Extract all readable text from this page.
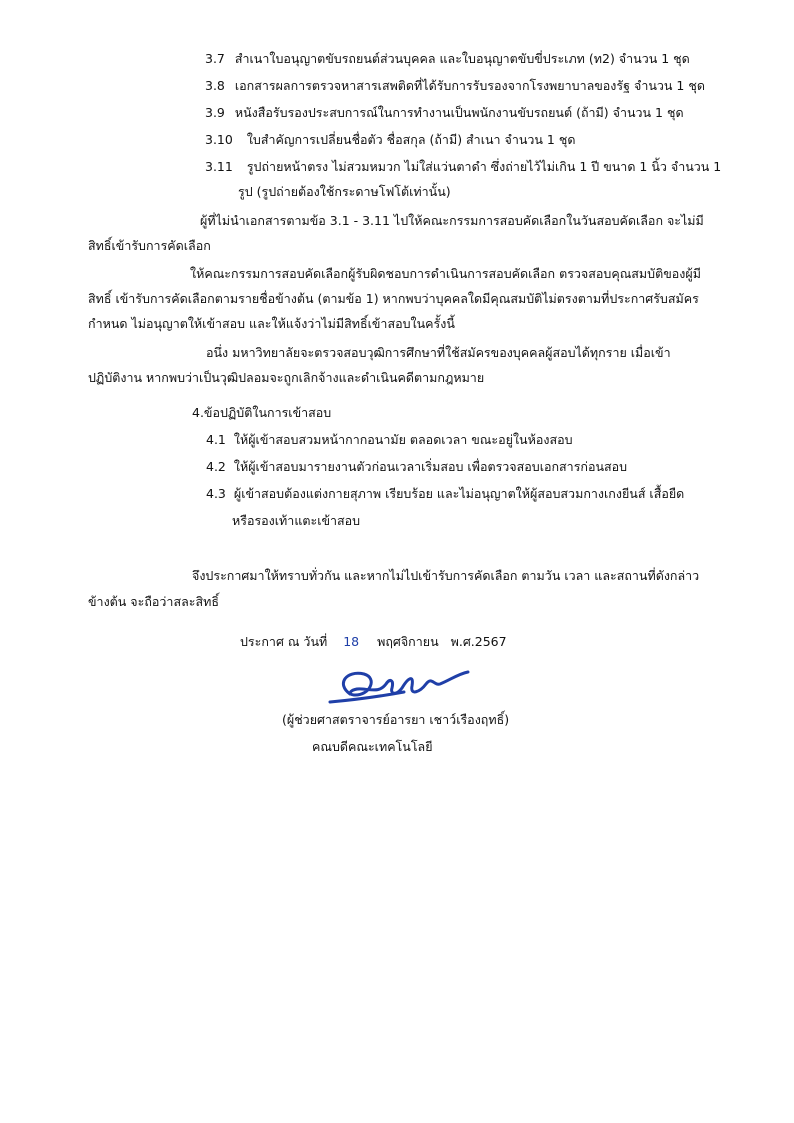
3.7 สำเนาใบอนุญาตขับรถยนต์ส่วนบุคคล และใบอนุญาตขับขี่ประเภท (ท2) จำนวน 1 ชุด
3.8 เอกสารผลการตรวจหาสารเสพติดที่ได้รับการรับรองจากโรงพยาบาลของรัฐ จำนวน 1 ชุด
3.9 หนังสือรับรองประสบการณ์ในการทำงานเป็นพนักงานขับรถยนต์ (ถ้ามี) จำนวน 1 ชุด
3.10 ใบสำคัญการเปลี่ยนชื่อตัว ชื่อสกุล (ถ้ามี) สำเนา จำนวน 1 ชุด
3.11 รูปถ่ายหน้าตรง ไม่สวมหมวก ไม่ใส่แว่นตาดำ ซึ่งถ่ายไว้ไม่เกิน 1 ปี ขนาด 1 นิ้ว จำนวน 1
รูป (รูปถ่ายต้องใช้กระดาษโฟโต้เท่านั้น)
ผู้ที่ไม่นำเอกสารตามข้อ 3.1 - 3.11 ไปให้คณะกรรมการสอบคัดเลือกในวันสอบคัดเลือก จะไม่มี
สิทธิ์เข้ารับการคัดเลือก
ให้คณะกรรมการสอบคัดเลือกผู้รับผิดชอบการดำเนินการสอบคัดเลือก ตรวจสอบคุณสมบัติของผู้มี
สิทธิ์ เข้ารับการคัดเลือกตามรายชื่อข้างต้น (ตามข้อ 1) หากพบว่าบุคคลใดมีคุณสมบัติไม่ตรงตามที่ประกาศรับสมัคร
กำหนด ไม่อนุญาตให้เข้าสอบ และให้แจ้งว่าไม่มีสิทธิ์เข้าสอบในครั้งนี้
อนึ่ง มหาวิทยาลัยจะตรวจสอบวุฒิการศึกษาที่ใช้สมัครของบุคคลผู้สอบได้ทุกราย เมื่อเข้า
ปฏิบัติงาน หากพบว่าเป็นวุฒิปลอมจะถูกเลิกจ้างและดำเนินคดีตามกฎหมาย
4.ข้อปฏิบัติในการเข้าสอบ
4.1 ให้ผู้เข้าสอบสวมหน้ากากอนามัย ตลอดเวลา ขณะอยู่ในห้องสอบ
4.2 ให้ผู้เข้าสอบมารายงานตัวก่อนเวลาเริ่มสอบ เพื่อตรวจสอบเอกสารก่อนสอบ
4.3 ผู้เข้าสอบต้องแต่งกายสุภาพ เรียบร้อย และไม่อนุญาตให้ผู้สอบสวมกางเกงยีนส์ เสื้อยืด
หรือรองเท้าแตะเข้าสอบ
จึงประกาศมาให้ทราบทั่วกัน และหากไม่ไปเข้ารับการคัดเลือก ตามวัน เวลา และสถานที่ดังกล่าว
ข้างต้น จะถือว่าสละสิทธิ์
ประกาศ ณ วันที่ 18 พฤศจิกายน พ.ศ.2567
(ผู้ช่วยศาสตราจารย์อารยา เชาว์เรืองฤทธิ์)
คณบดีคณะเทคโนโลยี
